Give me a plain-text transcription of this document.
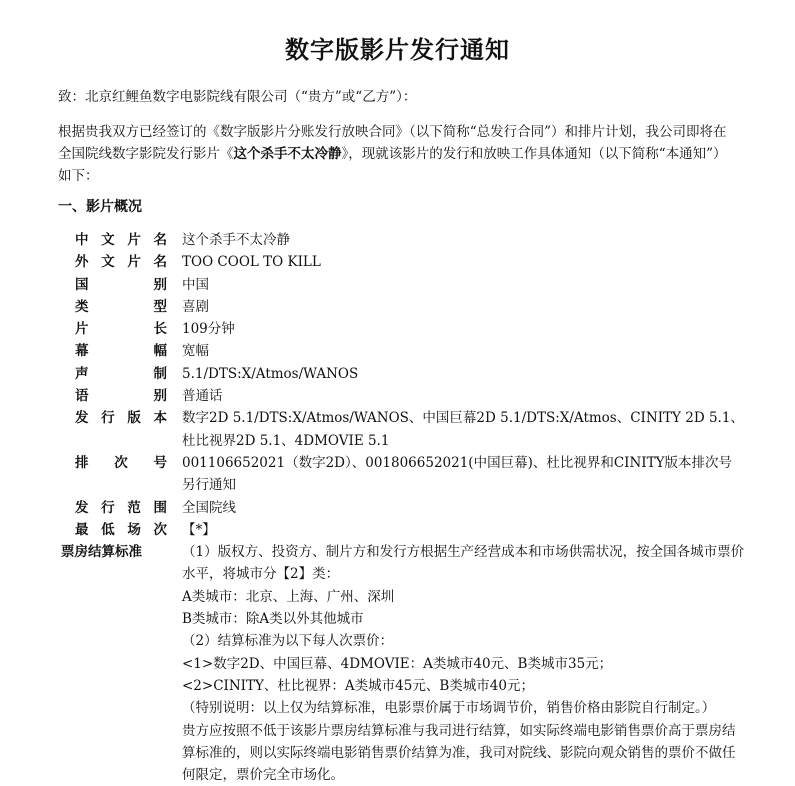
数字版影片发行通知
致：北京红鲤鱼数字电影院线有限公司（“贵方”或“乙方”）：
根据贵我双方已经签订的《数字版影片分账发行放映合同》（以下简称“总发行合同”）和排片计划，我公司即将在全国院线数字影院发行影片《这个杀手不太冷静》，现就该影片的发行和放映工作具体通知（以下简称“本通知”）如下：
一、影片概况
中文片名 这个杀手不太冷静
外文片名 TOO COOL TO KILL
国别 中国
类型 喜剧
片长 109分钟
幕幅 宽幅
声制 5.1/DTS:X/Atmos/WANOS
语别 普通话
发行版本 数字2D 5.1/DTS:X/Atmos/WANOS、中国巨幕2D 5.1/DTS:X/Atmos、CINITY 2D 5.1、杜比视界2D 5.1、4DMOVIE 5.1
排次号 001106652021（数字2D）、001806652021(中国巨幕)、杜比视界和CINITY版本排次号另行通知
发行范围 全国院线
最低场次 【*】
票房结算标准	（1）版权方、投资方、制片方和发行方根据生产经营成本和市场供需状况，按全国各城市票价水平，将城市分【2】类：
A类城市：北京、上海、广州、深圳
B类城市：除A类以外其他城市
（2）结算标准为以下每人次票价：
<1>数字2D、中国巨幕、4DMOVIE：A类城市40元、B类城市35元；
<2>CINITY、杜比视界：A类城市45元、B类城市40元；
（特别说明：以上仅为结算标准，电影票价属于市场调节价，销售价格由影院自行制定。）
贵方应按照不低于该影片票房结算标准与我司进行结算，如实际终端电影销售票价高于票房结算标准的，则以实际终端电影销售票价结算为准，我司对院线、影院向观众销售的票价不做任何限定，票价完全市场化。
